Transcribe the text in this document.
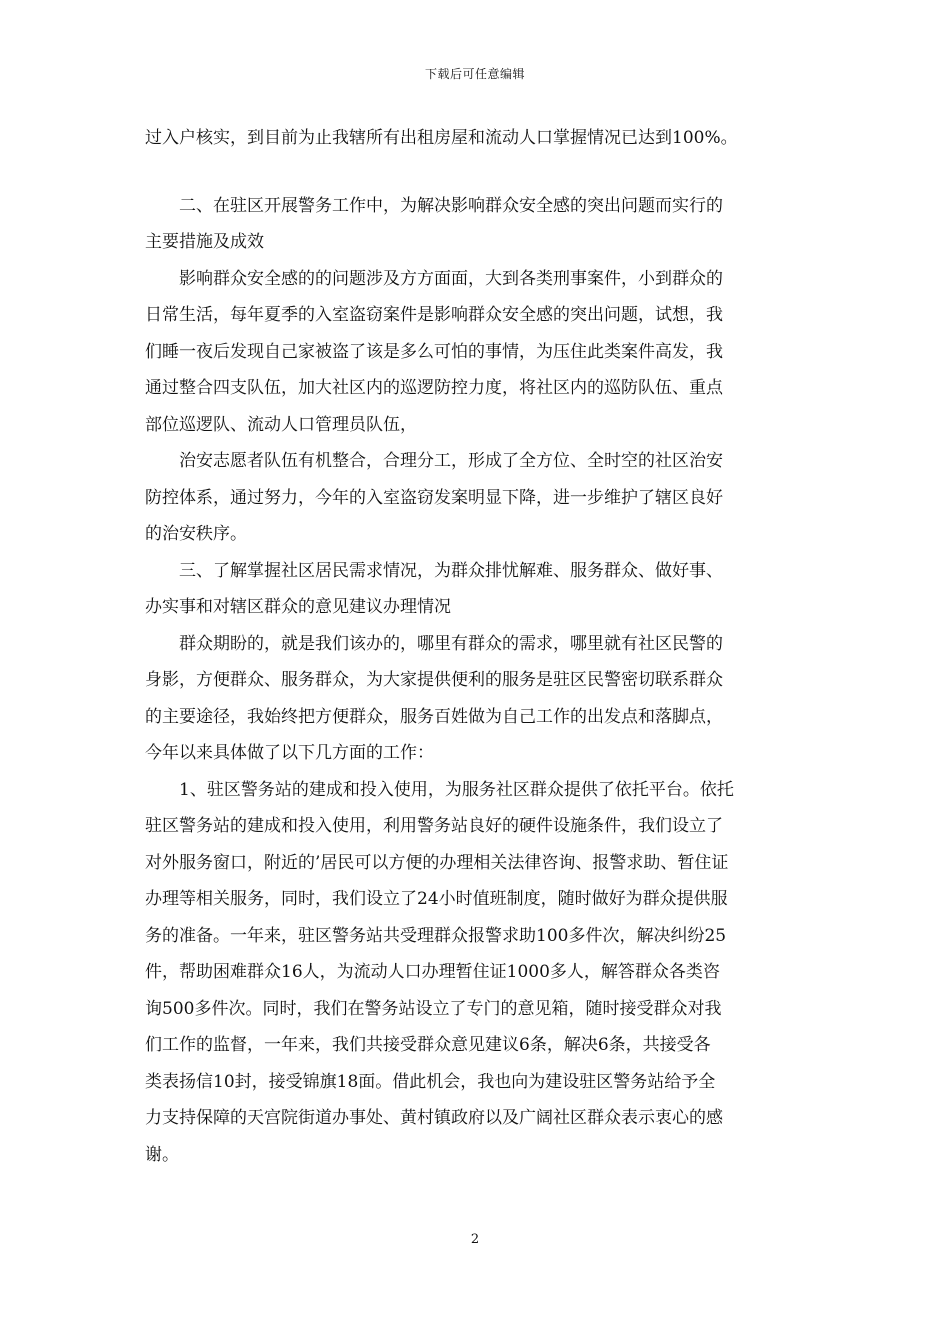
下载后可任意编辑
过入户核实，到目前为止我辖所有出租房屋和流动人口掌握情况已达到100%。
　　二、在驻区开展警务工作中，为解决影响群众安全感的突出问题而实行的
主要措施及成效
　　影响群众安全感的的问题涉及方方面面，大到各类刑事案件，小到群众的
日常生活，每年夏季的入室盗窃案件是影响群众安全感的突出问题，试想，我
们睡一夜后发现自己家被盗了该是多么可怕的事情，为压住此类案件高发，我
通过整合四支队伍，加大社区内的巡逻防控力度，将社区内的巡防队伍、重点
部位巡逻队、流动人口管理员队伍，
　　治安志愿者队伍有机整合，合理分工，形成了全方位、全时空的社区治安
防控体系，通过努力，今年的入室盗窃发案明显下降，进一步维护了辖区良好
的治安秩序。
　　三、了解掌握社区居民需求情况，为群众排忧解难、服务群众、做好事、
办实事和对辖区群众的意见建议办理情况
　　群众期盼的，就是我们该办的，哪里有群众的需求，哪里就有社区民警的
身影，方便群众、服务群众，为大家提供便利的服务是驻区民警密切联系群众
的主要途径，我始终把方便群众，服务百姓做为自己工作的出发点和落脚点，
今年以来具体做了以下几方面的工作：
　　1、驻区警务站的建成和投入使用，为服务社区群众提供了依托平台。依托
驻区警务站的建成和投入使用，利用警务站良好的硬件设施条件，我们设立了
对外服务窗口，附近的’居民可以方便的办理相关法律咨询、报警求助、暂住证
办理等相关服务，同时，我们设立了24小时值班制度，随时做好为群众提供服
务的准备。一年来，驻区警务站共受理群众报警求助100多件次，解决纠纷25
件，帮助困难群众16人，为流动人口办理暂住证1000多人，解答群众各类咨
询500多件次。同时，我们在警务站设立了专门的意见箱，随时接受群众对我
们工作的监督，一年来，我们共接受群众意见建议6条，解决6条，共接受各
类表扬信10封，接受锦旗18面。借此机会，我也向为建设驻区警务站给予全
力支持保障的天宫院街道办事处、黄村镇政府以及广阔社区群众表示衷心的感
谢。
2
